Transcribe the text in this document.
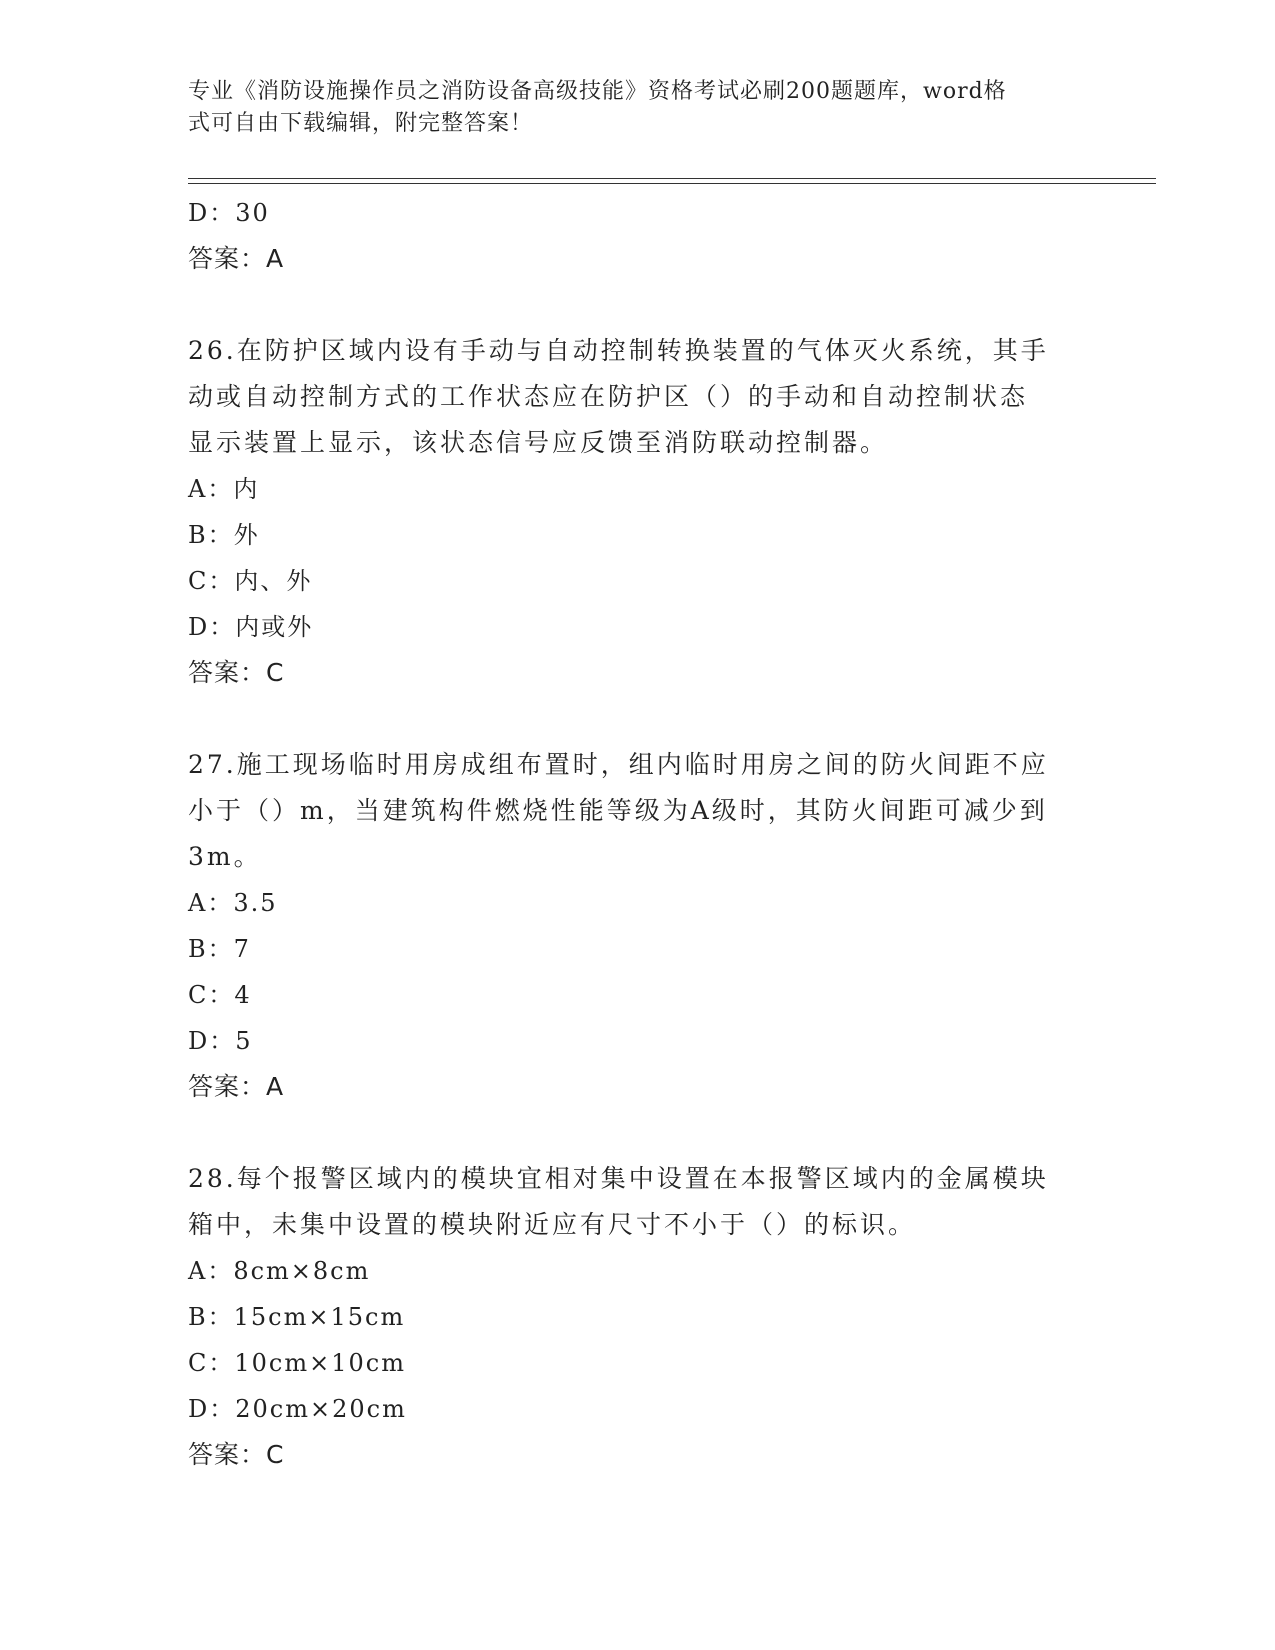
专业《消防设施操作员之消防设备高级技能》资格考试必刷200题题库，word格
式可自由下载编辑，附完整答案！
D：30
答案：A
26.在防护区域内设有手动与自动控制转换装置的气体灭火系统，其手
动或自动控制方式的工作状态应在防护区（）的手动和自动控制状态
显示装置上显示，该状态信号应反馈至消防联动控制器。
A：内
B：外
C：内、外
D：内或外
答案：C
27.施工现场临时用房成组布置时，组内临时用房之间的防火间距不应
小于（）m，当建筑构件燃烧性能等级为A级时，其防火间距可减少到
3m。
A：3.5
B：7
C：4
D：5
答案：A
28.每个报警区域内的模块宜相对集中设置在本报警区域内的金属模块
箱中，未集中设置的模块附近应有尺寸不小于（）的标识。
A：8cm×8cm
B：15cm×15cm
C：10cm×10cm
D：20cm×20cm
答案：C
